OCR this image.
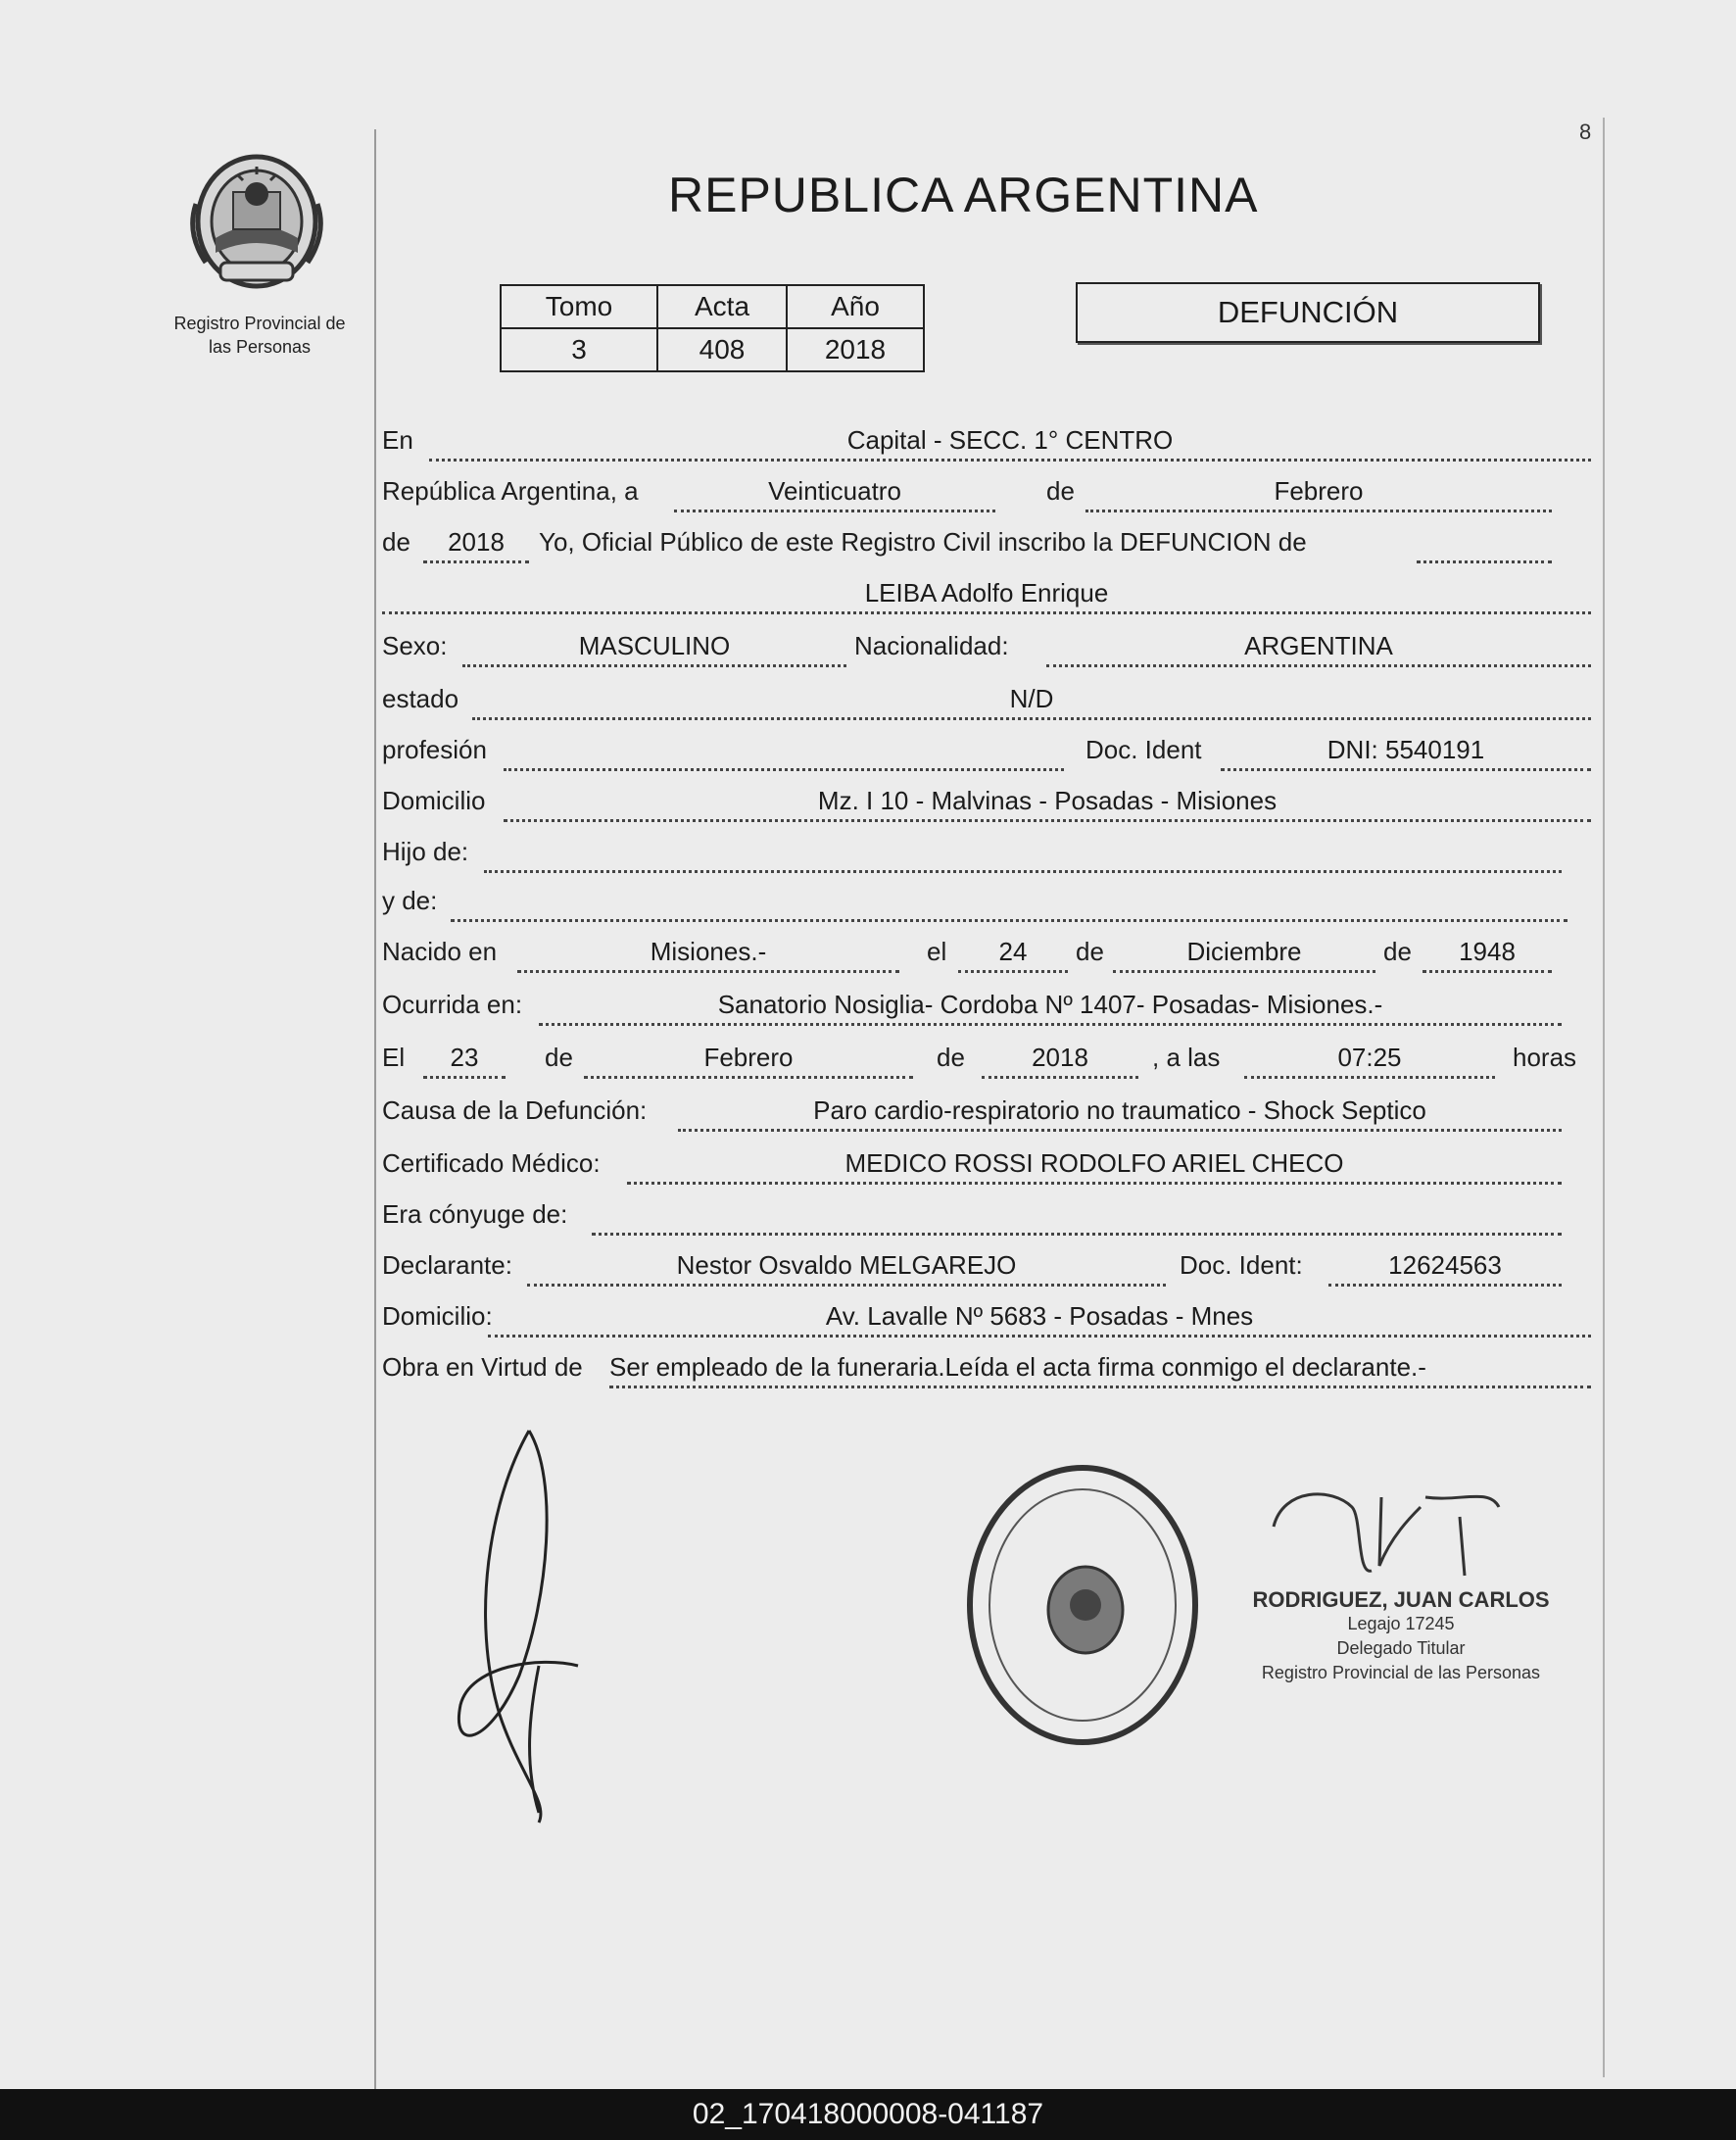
8
Registro Provincial de
las Personas
REPUBLICA ARGENTINA
Tomo	Acta	Año
3	408	2018
DEFUNCIÓN
En	Capital - SECC. 1° CENTRO
República Argentina, a	Veinticuatro	de	Febrero
de	2018	Yo, Oficial Público de este Registro Civil inscribo la DEFUNCION de
LEIBA Adolfo Enrique
Sexo:	MASCULINO	Nacionalidad:	ARGENTINA
estado	N/D
profesión	Doc. Ident	DNI: 5540191
Domicilio	Mz. I 10 - Malvinas - Posadas - Misiones
Hijo de:
y de:
Nacido en	Misiones.-	el	24	de	Diciembre	de	1948
Ocurrida en:	Sanatorio Nosiglia- Cordoba Nº 1407- Posadas- Misiones.-
El	23	de	Febrero	de	2018	, a las	07:25	horas
Causa de la Defunción:	Paro cardio-respiratorio no traumatico - Shock Septico
Certificado Médico:	MEDICO ROSSI RODOLFO ARIEL CHECO
Era cónyuge de:
Declarante:	Nestor Osvaldo MELGAREJO	Doc. Ident:	12624563
Domicilio:	Av. Lavalle Nº 5683 - Posadas - Mnes
Obra en Virtud de Ser empleado de la funeraria.Leída el acta firma conmigo el declarante.-
RODRIGUEZ, JUAN CARLOS
Legajo 17245
Delegado Titular
Registro Provincial de las Personas
02_170418000008-041187
